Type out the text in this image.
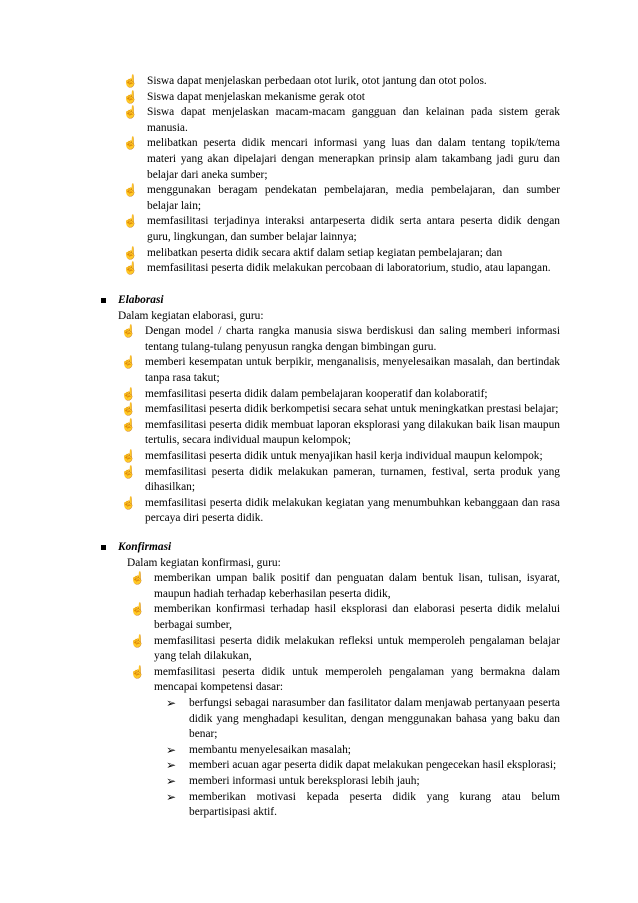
☝ Siswa dapat menjelaskan perbedaan otot lurik, otot jantung dan otot polos.
☝ Siswa dapat menjelaskan mekanisme gerak otot
☝ Siswa dapat menjelaskan macam-macam gangguan dan kelainan pada sistem gerak manusia.
☝ melibatkan peserta didik mencari informasi yang luas dan dalam tentang topik/tema materi yang akan dipelajari dengan menerapkan prinsip alam takambang jadi guru dan belajar dari aneka sumber;
☝ menggunakan beragam pendekatan pembelajaran, media pembelajaran, dan sumber belajar lain;
☝ memfasilitasi terjadinya interaksi antarpeserta didik serta antara peserta didik dengan guru, lingkungan, dan sumber belajar lainnya;
☝ melibatkan peserta didik secara aktif dalam setiap kegiatan pembelajaran; dan
☝ memfasilitasi peserta didik melakukan percobaan di laboratorium, studio, atau lapangan.
Elaborasi
Dalam kegiatan elaborasi, guru:
☝ Dengan model / charta rangka manusia siswa berdiskusi dan saling memberi informasi tentang tulang-tulang penyusun rangka dengan bimbingan guru.
☝ memberi kesempatan untuk berpikir, menganalisis, menyelesaikan masalah, dan bertindak tanpa rasa takut;
☝ memfasilitasi peserta didik dalam pembelajaran kooperatif dan kolaboratif;
☝ memfasilitasi peserta didik berkompetisi secara sehat untuk meningkatkan prestasi belajar;
☝ memfasilitasi peserta didik membuat laporan eksplorasi yang dilakukan baik lisan maupun tertulis, secara individual maupun kelompok;
☝ memfasilitasi peserta didik untuk menyajikan hasil kerja individual maupun kelompok;
☝ memfasilitasi peserta didik melakukan pameran, turnamen, festival, serta produk yang dihasilkan;
☝ memfasilitasi peserta didik melakukan kegiatan yang menumbuhkan kebanggaan dan rasa percaya diri peserta didik.
Konfirmasi
Dalam kegiatan konfirmasi, guru:
☝ memberikan umpan balik positif dan penguatan dalam bentuk lisan, tulisan, isyarat, maupun hadiah terhadap keberhasilan peserta didik,
☝ memberikan konfirmasi terhadap hasil eksplorasi dan elaborasi peserta didik melalui berbagai sumber,
☝ memfasilitasi peserta didik melakukan refleksi untuk memperoleh pengalaman belajar yang telah dilakukan,
☝ memfasilitasi peserta didik untuk memperoleh pengalaman yang bermakna dalam mencapai kompetensi dasar:
➢ berfungsi sebagai narasumber dan fasilitator dalam menjawab pertanyaan peserta didik yang menghadapi kesulitan, dengan menggunakan bahasa yang baku dan benar;
➢ membantu menyelesaikan masalah;
➢ memberi acuan agar peserta didik dapat melakukan pengecekan hasil eksplorasi;
➢ memberi informasi untuk bereksplorasi lebih jauh;
➢ memberikan motivasi kepada peserta didik yang kurang atau belum berpartisipasi aktif.
